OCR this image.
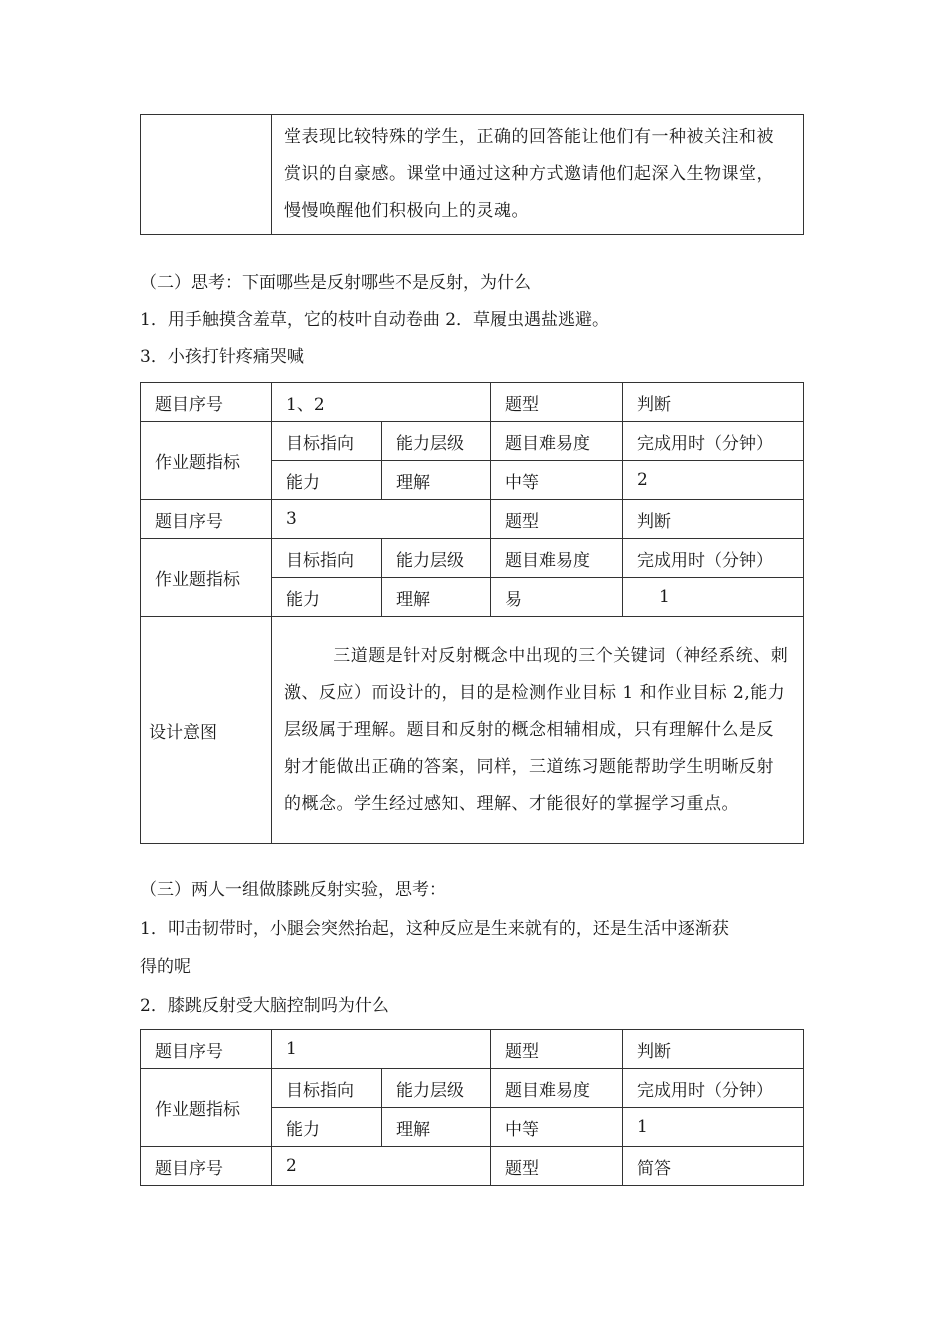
	堂表现比较特殊的学生，正确的回答能让他们有一种被关注和被赏识的自豪感。课堂中通过这种方式邀请他们起深入生物课堂，慢慢唤醒他们积极向上的灵魂。
（二）思考：下面哪些是反射哪些不是反射，为什么
1．用手触摸含羞草，它的枝叶自动卷曲 2．草履虫遇盐逃避。
3．小孩打针疼痛哭喊
题目序号	1、2		题型	判断
作业题指标	目标指向	能力层级	题目难易度	完成用时（分钟）
	能力	理解	中等	2
题目序号	3		题型	判断
作业题指标	目标指向	能力层级	题目难易度	完成用时（分钟）
	能力	理解	易	1
设计意图	三道题是针对反射概念中出现的三个关键词（神经系统、刺激、反应）而设计的，目的是检测作业目标 1 和作业目标 2,能力层级属于理解。题目和反射的概念相辅相成，只有理解什么是反射才能做出正确的答案，同样，三道练习题能帮助学生明晰反射的概念。学生经过感知、理解、才能很好的掌握学习重点。			
（三）两人一组做膝跳反射实验，思考：
1．叩击韧带时，小腿会突然抬起，这种反应是生来就有的，还是生活中逐渐获
得的呢
2．膝跳反射受大脑控制吗为什么
题目序号	1		题型	判断
作业题指标	目标指向	能力层级	题目难易度	完成用时（分钟）
	能力	理解	中等	1
题目序号	2		题型	简答
